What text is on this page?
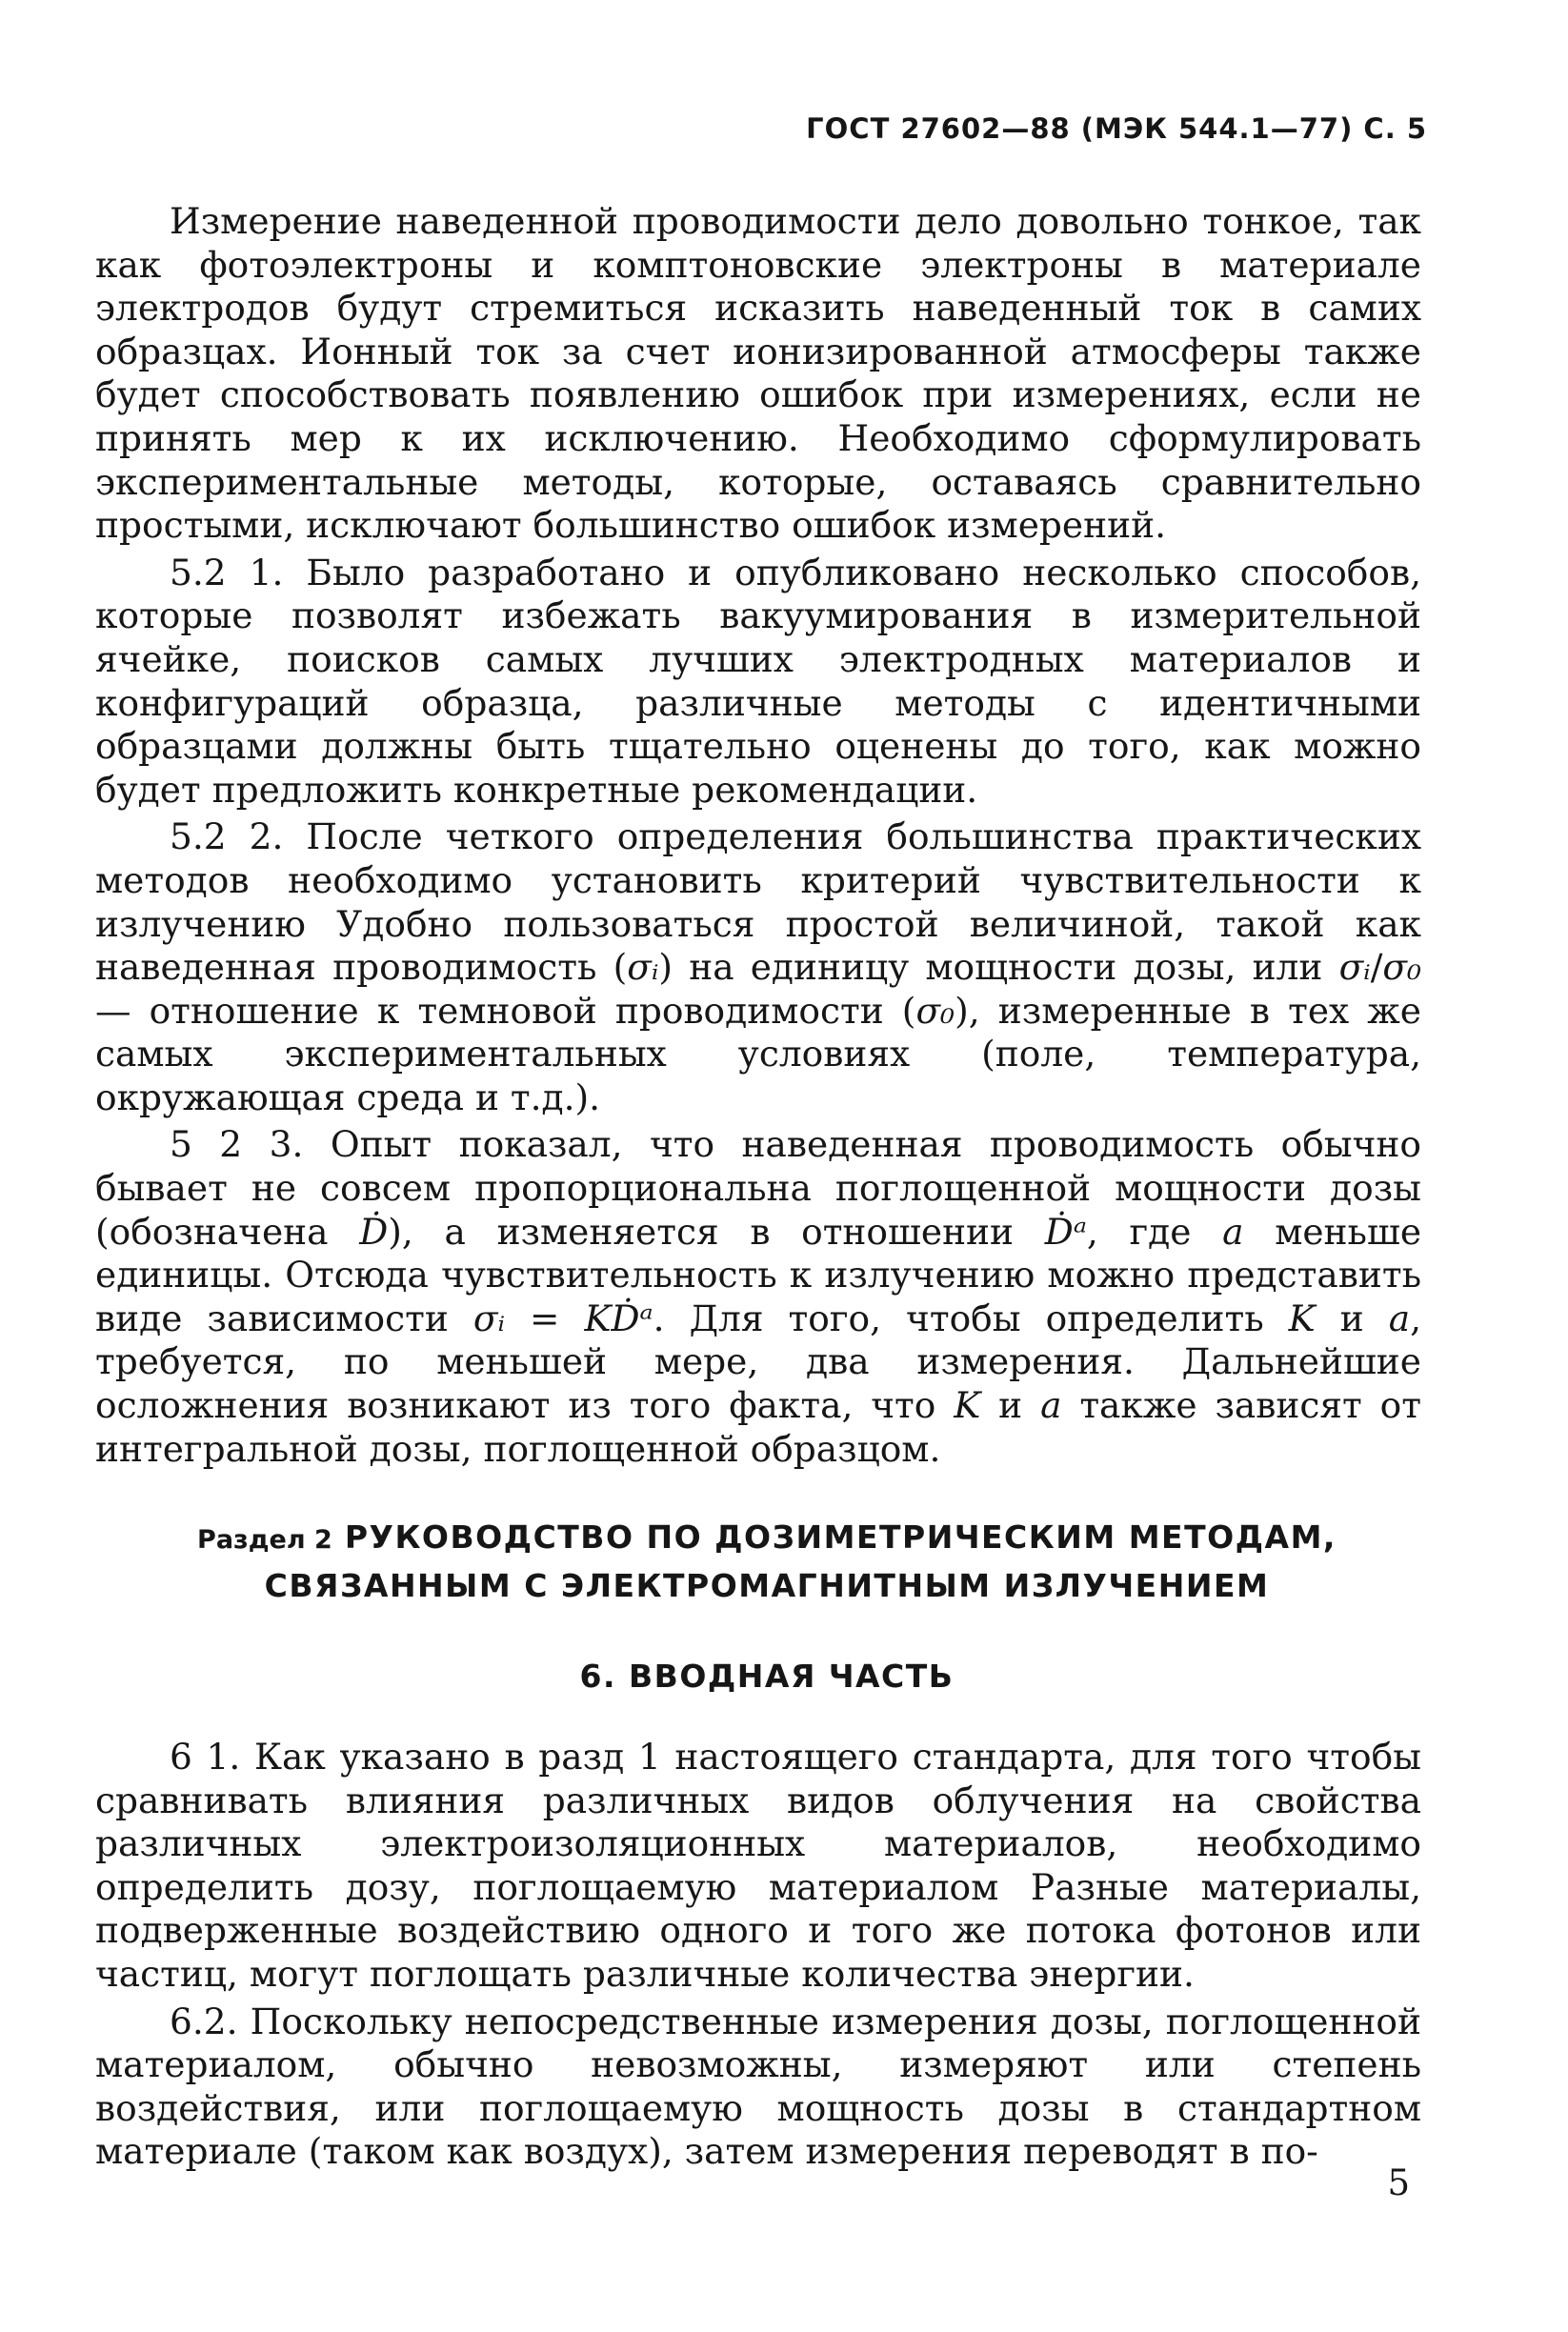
ГОСТ 27602—88 (МЭК 544.1—77) С. 5

Измерение наведенной проводимости дело довольно тонкое, так как фотоэлектроны и комптоновские электроны в материале электродов будут стремиться исказить наведенный ток в самих образцах. Ионный ток за счет ионизированной атмосферы также будет способствовать появлению ошибок при измерениях, если не принять мер к их исключению. Необходимо сформулировать экспериментальные методы, которые, оставаясь сравнительно простыми, исключают большинство ошибок измерений.

5.2 1. Было разработано и опубликовано несколько способов, которые позволят избежать вакуумирования в измерительной ячейке, поисков самых лучших электродных материалов и конфигураций образца, различные методы с идентичными образцами должны быть тщательно оценены до того, как можно будет предложить конкретные рекомендации.

5.2 2. После четкого определения большинства практических методов необходимо установить критерий чувствительности к излучению Удобно пользоваться простой величиной, такой как наведенная проводимость (σᵢ) на единицу мощности дозы, или σᵢ/σ₀ — отношение к темновой проводимости (σ₀), измеренные в тех же самых экспериментальных условиях (поле, температура, окружающая среда и т.д.).

5 2 3. Опыт показал, что наведенная проводимость обычно бывает не совсем пропорциональна поглощенной мощности дозы (обозначена Ḋ), а изменяется в отношении Ḋᵃ, где a меньше единицы. Отсюда чувствительность к излучению можно представить виде зависимости σᵢ = KḊᵃ. Для того, чтобы определить K и a, требуется, по меньшей мере, два измерения. Дальнейшие осложнения возникают из того факта, что K и a также зависят от интегральной дозы, поглощенной образцом.

Раздел 2 РУКОВОДСТВО ПО ДОЗИМЕТРИЧЕСКИМ МЕТОДАМ,
СВЯЗАННЫМ С ЭЛЕКТРОМАГНИТНЫМ ИЗЛУЧЕНИЕМ
6. ВВОДНАЯ ЧАСТЬ

6 1. Как указано в разд 1 настоящего стандарта, для того чтобы сравнивать влияния различных видов облучения на свойства различных электроизоляционных материалов, необходимо определить дозу, поглощаемую материалом Разные материалы, подверженные воздействию одного и того же потока фотонов или частиц, могут поглощать различные количества энергии.

6.2. Поскольку непосредственные измерения дозы, поглощенной материалом, обычно невозможны, измеряют или степень воздействия, или поглощаемую мощность дозы в стандартном материале (таком как воздух), затем измерения переводят в по-

5
